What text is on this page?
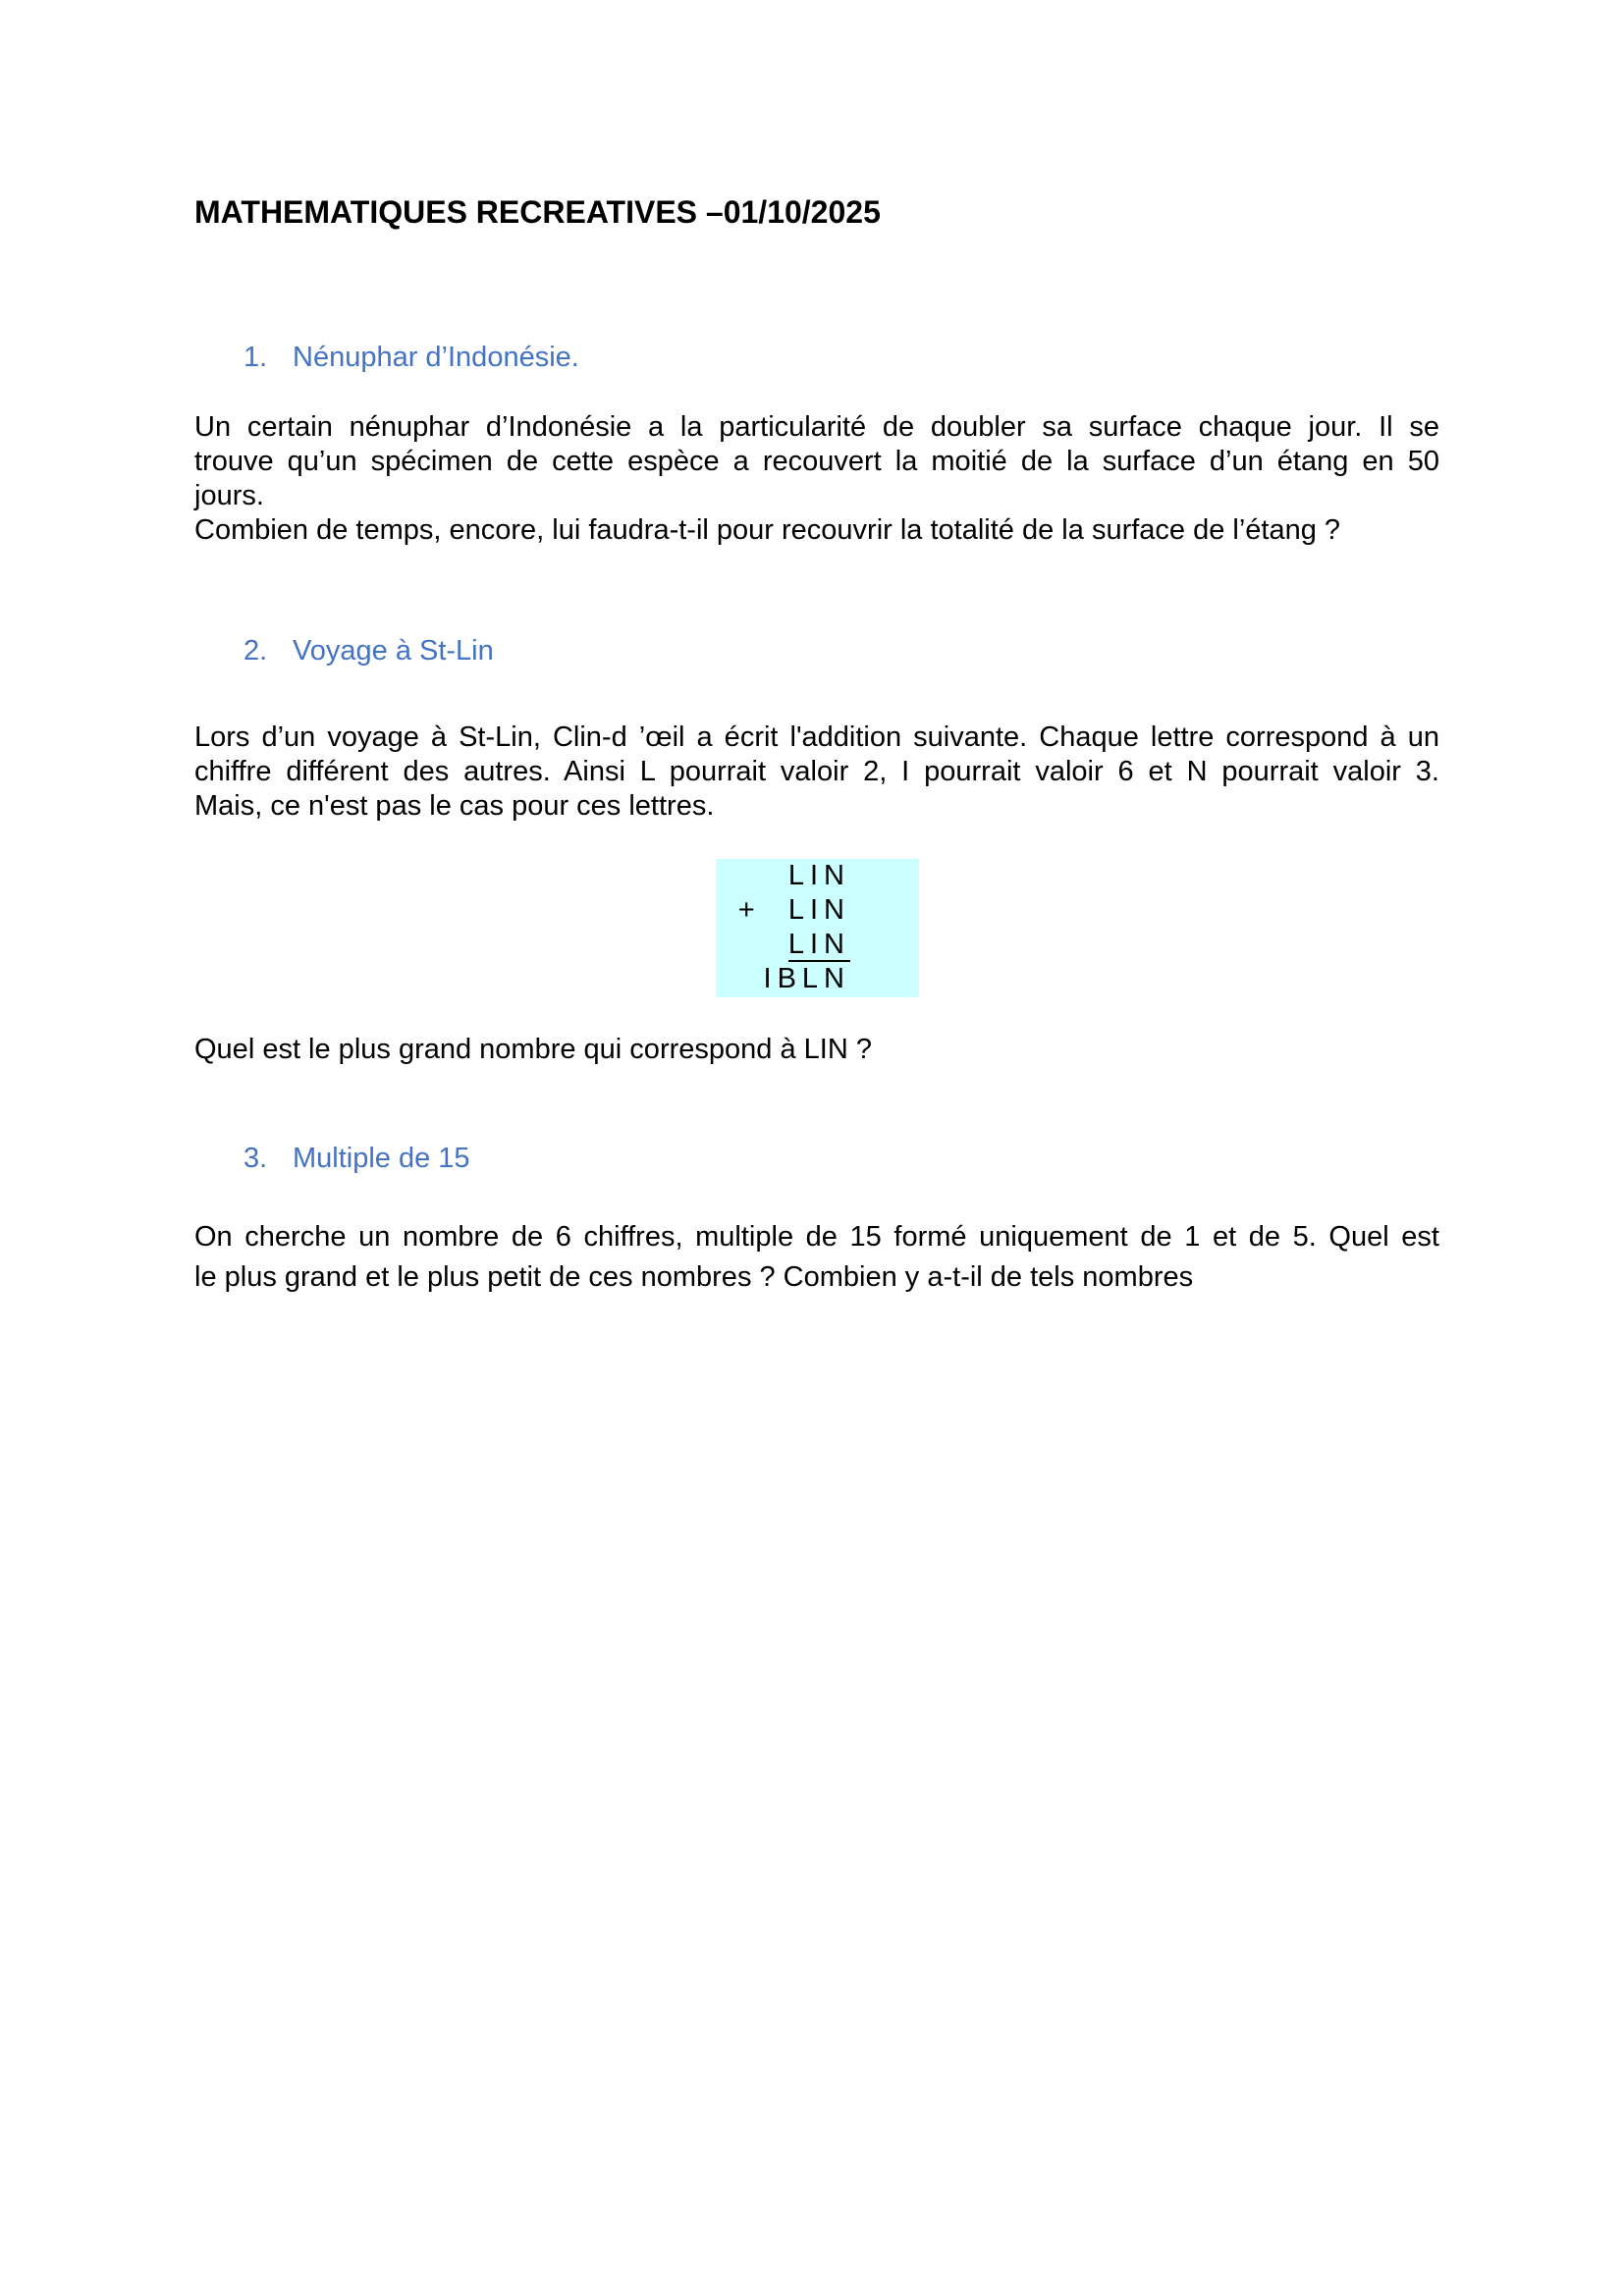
MATHEMATIQUES RECREATIVES –01/10/2025
1. Nénuphar d’Indonésie.

Un certain nénuphar d’Indonésie a la particularité de doubler sa surface chaque jour. Il se

trouve qu’un spécimen de cette espèce a recouvert la moitié de la surface d’un étang en 50

jours.

Combien de temps, encore, lui faudra-t-il pour recouvrir la totalité de la surface de l’étang ?

2. Voyage à St-Lin

Lors d’un voyage à St-Lin, Clin-d ’œil a écrit l'addition suivante. Chaque lettre correspond à un

chiffre différent des autres. Ainsi L pourrait valoir 2, I pourrait valoir 6 et N pourrait valoir 3.

Mais, ce n'est pas le cas pour ces lettres.

LIN
+ LIN
LIN
IBLN

Quel est le plus grand nombre qui correspond à LIN ?

3. Multiple de 15

On cherche un nombre de 6 chiffres, multiple de 15 formé uniquement de 1 et de 5. Quel est

le plus grand et le plus petit de ces nombres ? Combien y a-t-il de tels nombres
